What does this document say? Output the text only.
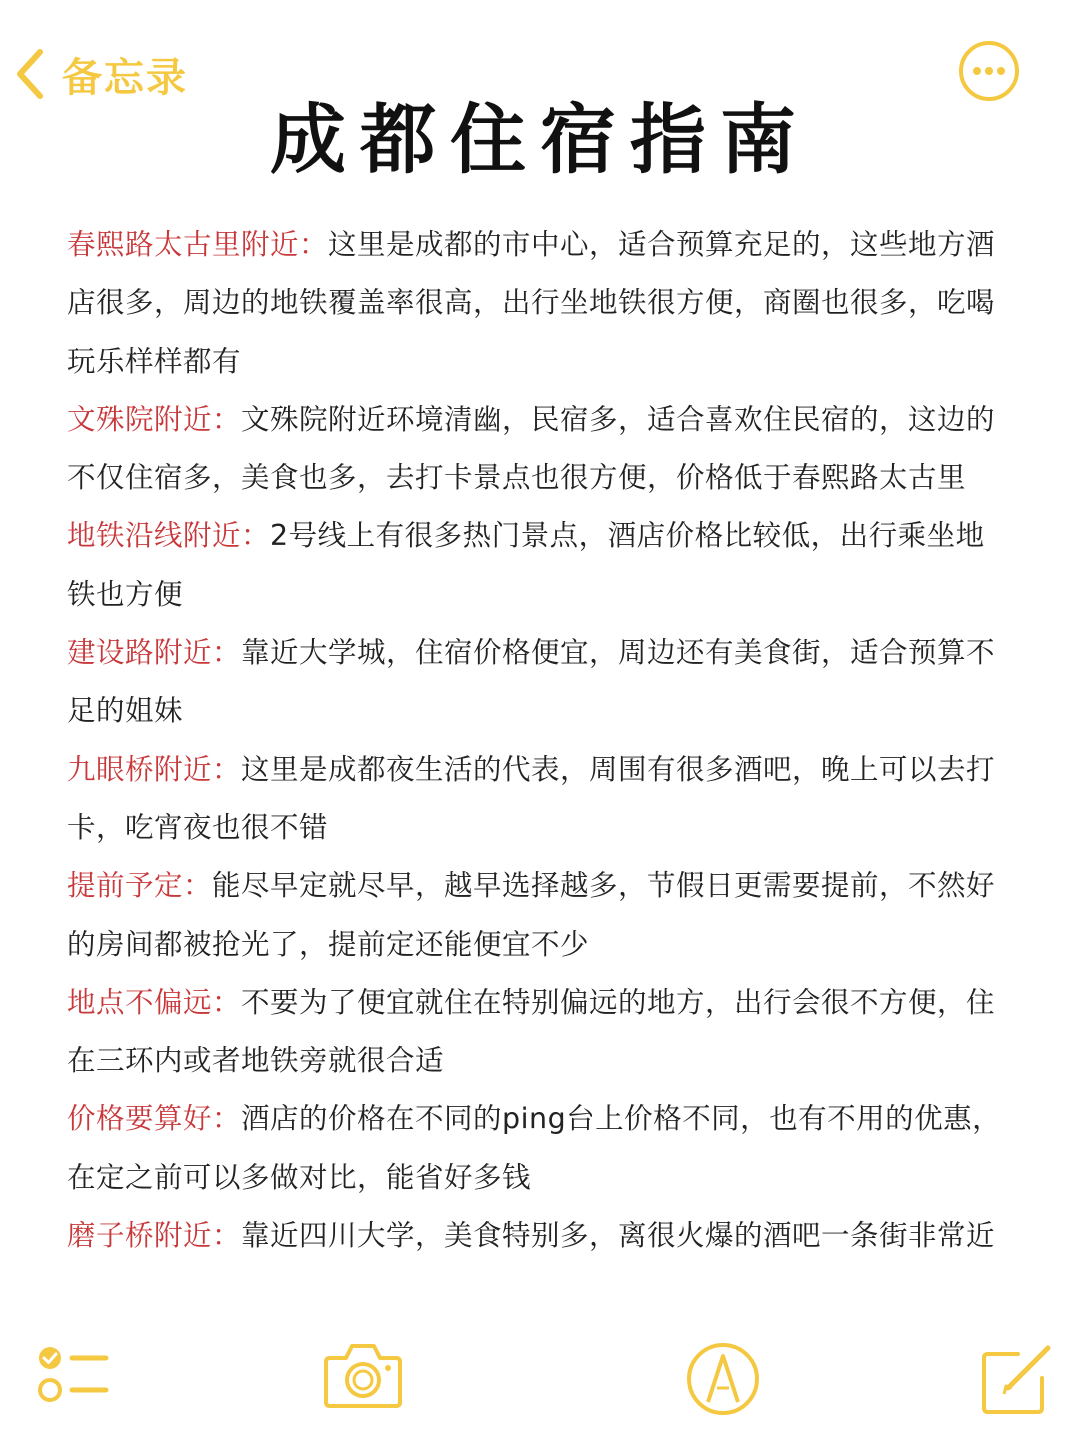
备忘录
成都住宿指南

春熙路太古里附近：这里是成都的市中心，适合预算充足的，这些地方酒店很多，周边的地铁覆盖率很高，出行坐地铁很方便，商圈也很多，吃喝玩乐样样都有

文殊院附近：文殊院附近环境清幽，民宿多，适合喜欢住民宿的，这边的不仅住宿多，美食也多，去打卡景点也很方便，价格低于春熙路太古里

地铁沿线附近：2号线上有很多热门景点，酒店价格比较低，出行乘坐地铁也方便

建设路附近：靠近大学城，住宿价格便宜，周边还有美食街，适合预算不足的姐妹

九眼桥附近：这里是成都夜生活的代表，周围有很多酒吧，晚上可以去打卡，吃宵夜也很不错

提前予定：能尽早定就尽早，越早选择越多，节假日更需要提前，不然好的房间都被抢光了，提前定还能便宜不少

地点不偏远：不要为了便宜就住在特别偏远的地方，出行会很不方便，住在三环内或者地铁旁就很合适

价格要算好：酒店的价格在不同的ping台上价格不同，也有不用的优惠，在定之前可以多做对比，能省好多钱

磨子桥附近：靠近四川大学，美食特别多，离很火爆的酒吧一条街非常近
